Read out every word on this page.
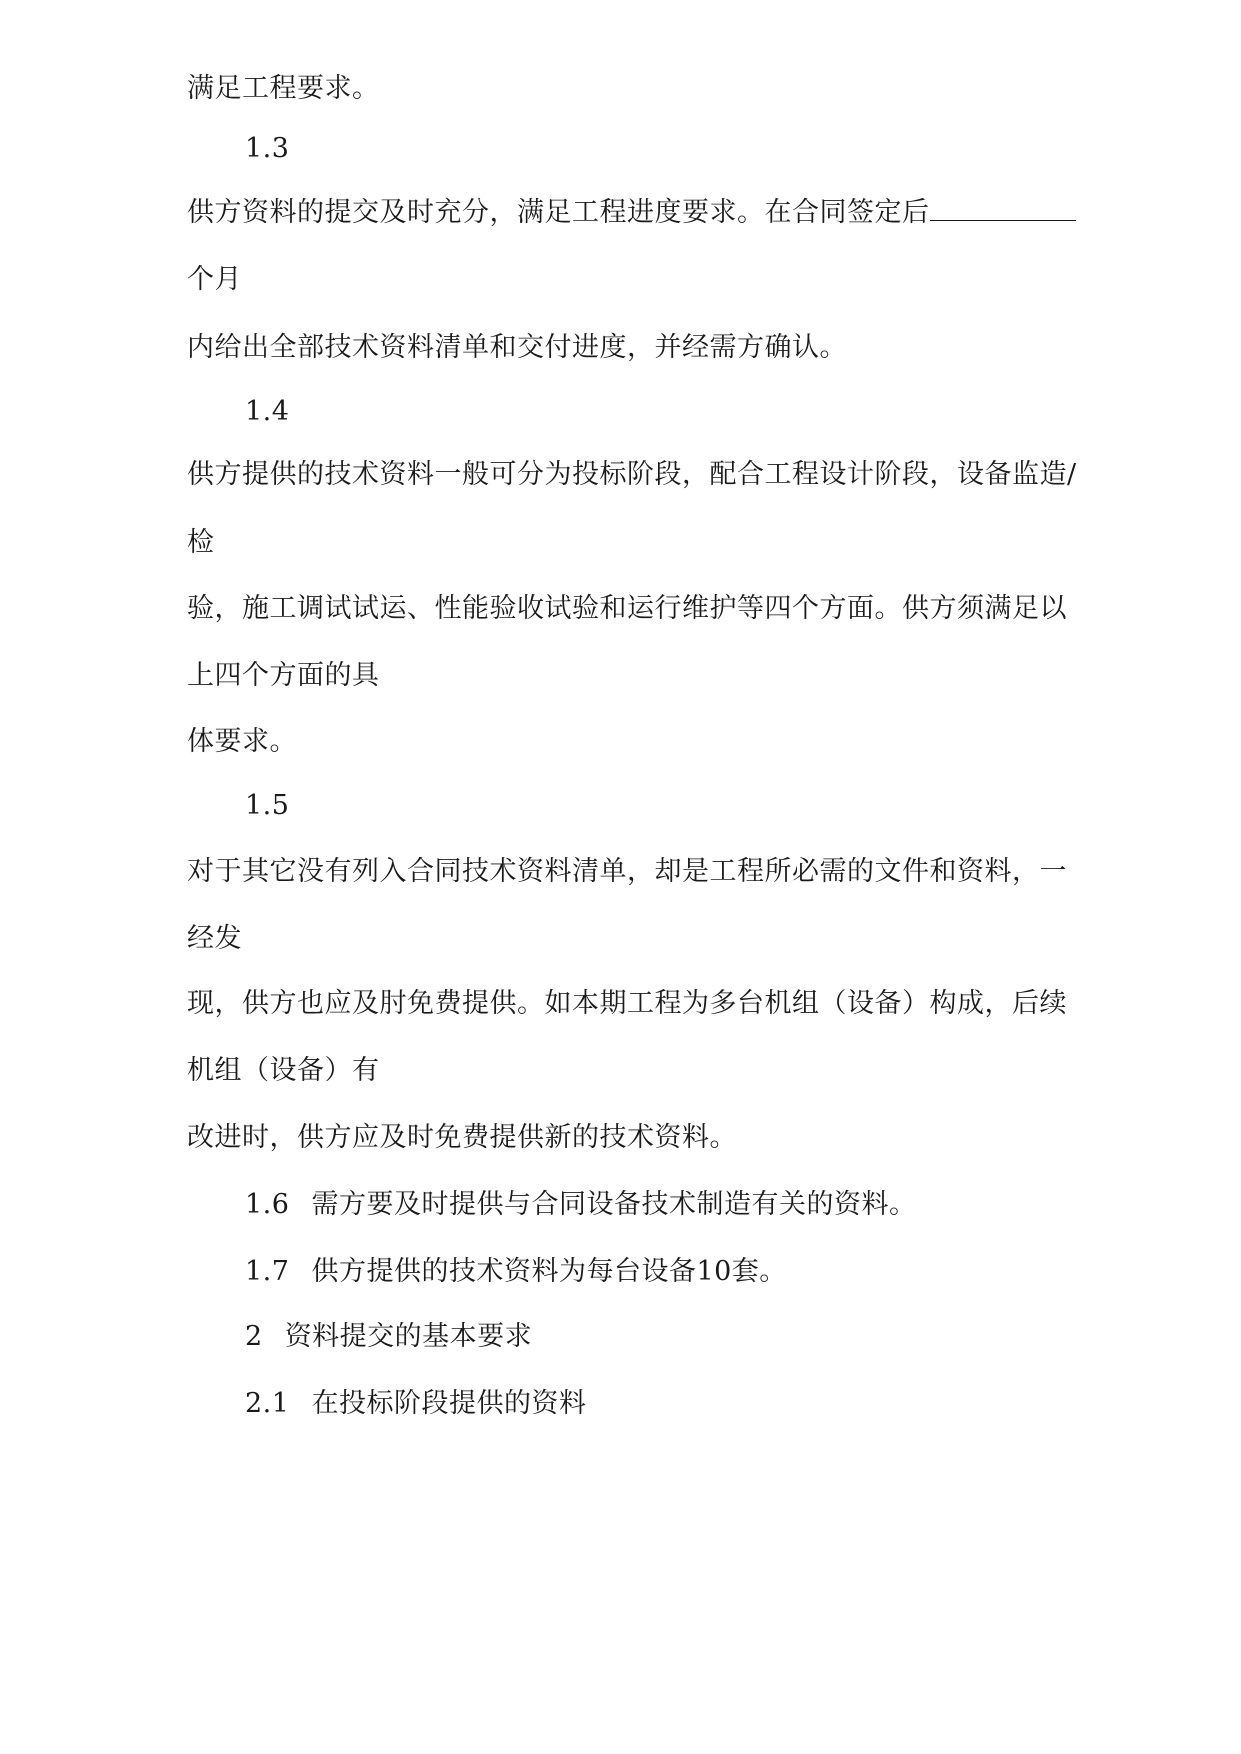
满足工程要求。
1.3
供方资料的提交及时充分，满足工程进度要求。在合同签定后
个月
内给出全部技术资料清单和交付进度，并经需方确认。
1.4
供方提供的技术资料一般可分为投标阶段，配合工程设计阶段，设备监造/
检
验，施工调试试运、性能验收试验和运行维护等四个方面。供方须满足以
上四个方面的具
体要求。
1.5
对于其它没有列入合同技术资料清单，却是工程所必需的文件和资料，一
经发
现，供方也应及肘免费提供。如本期工程为多台机组（设备）构成，后续
机组（设备）有
改进时，供方应及时免费提供新的技术资料。
1.6 需方要及时提供与合同设备技术制造有关的资料。
1.7 供方提供的技术资料为每台设备10套。
2 资料提交的基本要求
2.1 在投标阶段提供的资料
